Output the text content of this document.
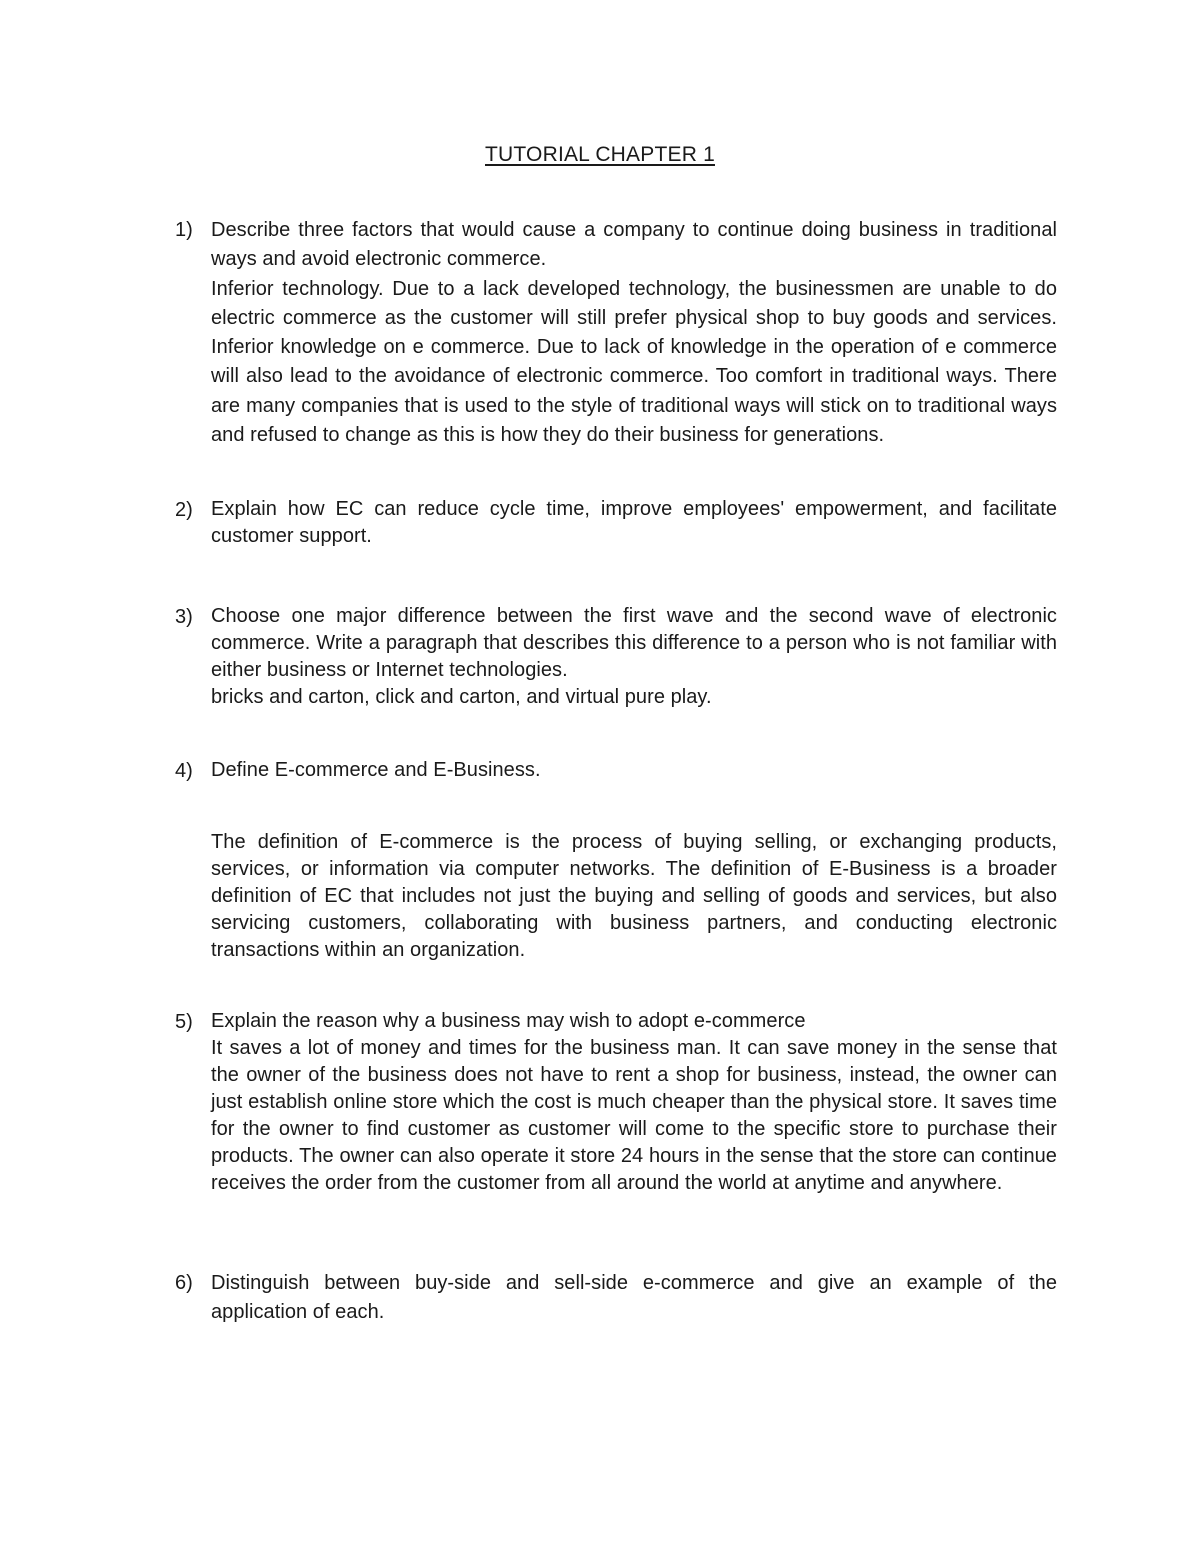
TUTORIAL CHAPTER 1
1) Describe three factors that would cause a company to continue doing business in traditional ways and avoid electronic commerce.

Inferior technology. Due to a lack developed technology, the businessmen are unable to do electric commerce as the customer will still prefer physical shop to buy goods and services. Inferior knowledge on e commerce. Due to lack of knowledge in the operation of e commerce will also lead to the avoidance of electronic commerce. Too comfort in traditional ways. There are many companies that is used to the style of traditional ways will stick on to traditional ways and refused to change as this is how they do their business for generations.

2) Explain how EC can reduce cycle time, improve employees' empowerment, and facilitate customer support.

3) Choose one major difference between the first wave and the second wave of electronic commerce. Write a paragraph that describes this difference to a person who is not familiar with either business or Internet technologies.

bricks and carton, click and carton, and virtual pure play.

4) Define E-commerce and E-Business.

The definition of E-commerce is the process of buying selling, or exchanging products, services, or information via computer networks. The definition of E-Business is a broader definition of EC that includes not just the buying and selling of goods and services, but also servicing customers, collaborating with business partners, and conducting electronic transactions within an organization.

5) Explain the reason why a business may wish to adopt e-commerce

It saves a lot of money and times for the business man. It can save money in the sense that the owner of the business does not have to rent a shop for business, instead, the owner can just establish online store which the cost is much cheaper than the physical store. It saves time for the owner to find customer as customer will come to the specific store to purchase their products. The owner can also operate it store 24 hours in the sense that the store can continue receives the order from the customer from all around the world at anytime and anywhere.

6) Distinguish between buy-side and sell-side e-commerce and give an example of the application of each.
